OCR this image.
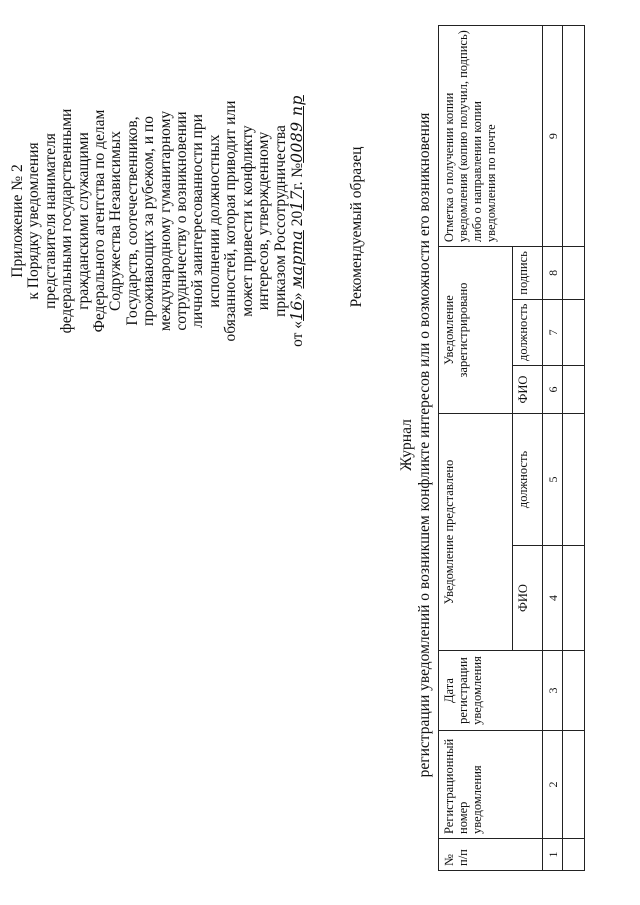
Приложение № 2 к Порядку уведомления представителя нанимателя федеральными государственными гражданскими служащими Федерального агентства по делам Содружества Независимых Государств, соотечественников, проживающих за рубежом, и по международному гуманитарному сотрудничеству о возникновении личной заинтересованности при исполнении должностных обязанностей, которая приводит или может привести к конфликту интересов, утвержденному приказом Россотрудничества
от «16» марта 2017г. №0089 пр
Рекомендуемый образец
Журнал регистрации уведомлений о возникшем конфликте интересов или о возможности его возникновения
№ п/п	Регистрационный номер уведомления	Дата регистрации уведомления	Уведомление представлено		Уведомление зарегистрировано			Отметка о получении копии уведомления (копию получил, подпись) либо о направлении копии уведомления по почте
			ФИО	должность	ФИО	должность	подпись	
1	2	3	4	5	6	7	8	9
